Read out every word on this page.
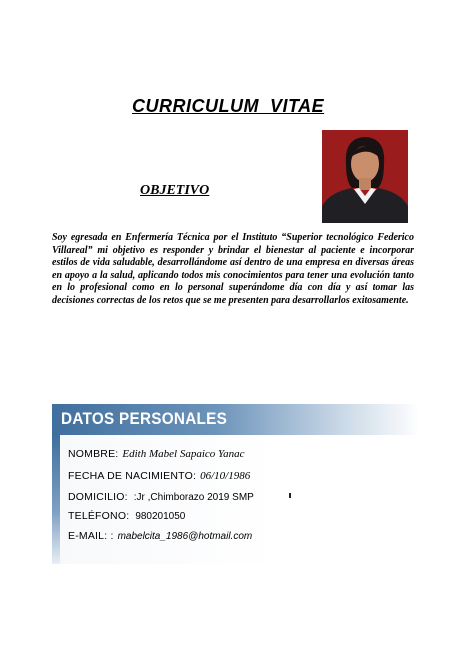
CURRICULUM  VITAE
OBJETIVO

Soy egresada en Enfermería Técnica por el Instituto “Superior tecnológico Federico Villareal” mi objetivo es responder y brindar el bienestar al paciente e incorporar estilos de vida saludable, desarrollándome así dentro de una empresa en diversas áreas en apoyo a la salud, aplicando todos mis conocimientos para tener una evolución tanto en lo profesional como en lo personal superándome día con día y así tomar las decisiones correctas de los retos que se me presenten para desarrollarlos exitosamente.

DATOS PERSONALES
NOMBRE: Edith Mabel Sapaico Yanac
FECHA DE NACIMIENTO: 06/10/1986
DOMICILIO: :Jr ,Chimborazo 2019 SMP
TELÉFONO: 980201050
E-MAIL: : mabelcita_1986@hotmail.com
